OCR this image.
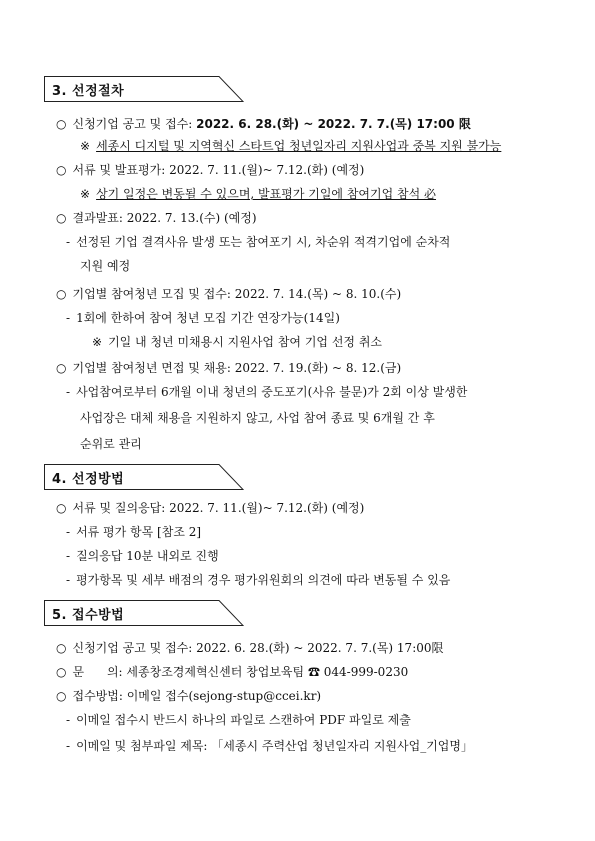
3. 선정절차
○ 신청기업 공고 및 접수: 2022. 6. 28.(화) ~ 2022. 7. 7.(목) 17:00 限
※ 세종시 디지털 및 지역혁신 스타트업 청년일자리 지원사업과 중복 지원 불가능
○ 서류 및 발표평가: 2022. 7. 11.(월)~ 7.12.(화) (예정)
※ 상기 일정은 변동될 수 있으며, 발표평가 기일에 참여기업 참석 必
○ 결과발표: 2022. 7. 13.(수) (예정)
- 선정된 기업 결격사유 발생 또는 참여포기 시, 차순위 적격기업에 순차적
지원 예정
○ 기업별 참여청년 모집 및 접수: 2022. 7. 14.(목) ~ 8. 10.(수)
- 1회에 한하여 참여 청년 모집 기간 연장가능(14일)
※ 기일 내 청년 미채용시 지원사업 참여 기업 선정 취소
○ 기업별 참여청년 면접 및 채용: 2022. 7. 19.(화) ~ 8. 12.(금)
- 사업참여로부터 6개월 이내 청년의 중도포기(사유 불문)가 2회 이상 발생한
사업장은 대체 채용을 지원하지 않고, 사업 참여 종료 및 6개월 간 후
순위로 관리
4. 선정방법
○ 서류 및 질의응답: 2022. 7. 11.(월)~ 7.12.(화) (예정)
- 서류 평가 항목 [참조 2]
- 질의응답 10분 내외로 진행
- 평가항목 및 세부 배점의 경우 평가위원회의 의견에 따라 변동될 수 있음
5. 접수방법
○ 신청기업 공고 및 접수: 2022. 6. 28.(화) ~ 2022. 7. 7.(목) 17:00限
○ 문      의: 세종창조경제혁신센터 창업보육팀 ☎ 044-999-0230
○ 접수방법: 이메일 접수(sejong-stup@ccei.kr)
- 이메일 접수시 반드시 하나의 파일로 스캔하여 PDF 파일로 제출
- 이메일 및 첨부파일 제목: 「세종시 주력산업 청년일자리 지원사업_기업명」
